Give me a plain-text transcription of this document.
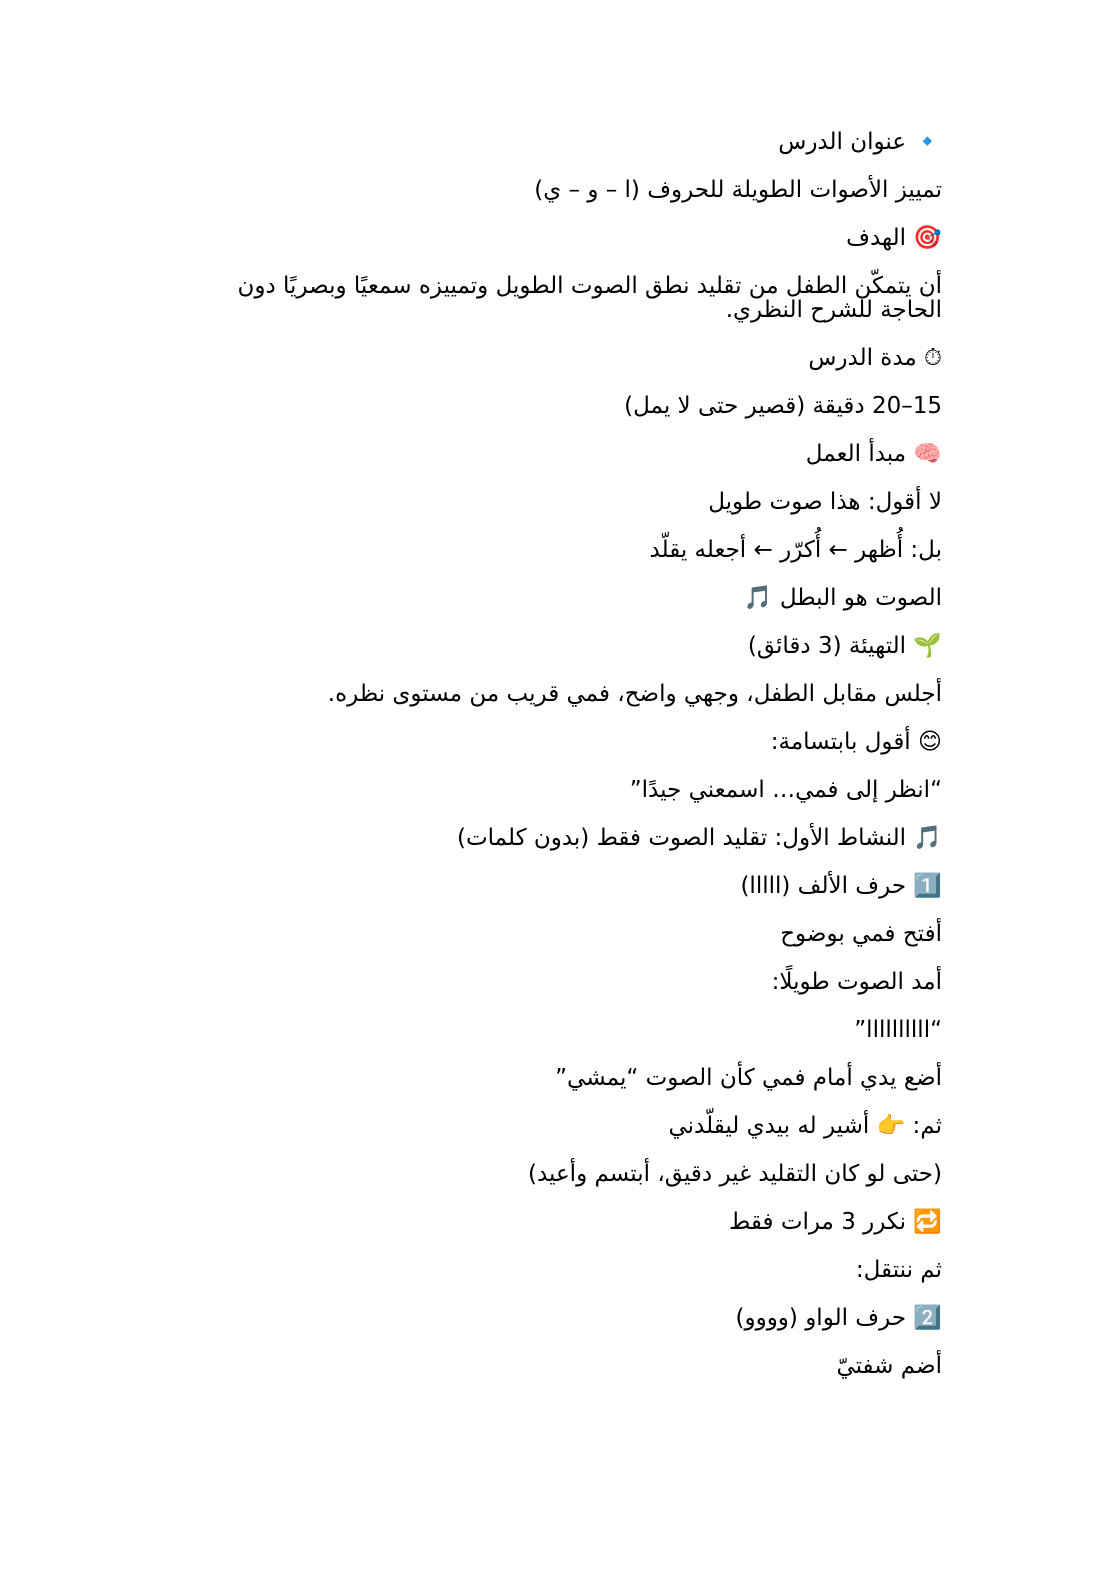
🔹 عنوان الدرس

تمييز الأصوات الطويلة للحروف (ا – و – ي)

🎯 الهدف

أن يتمكّن الطفل من تقليد نطق الصوت الطويل وتمييزه سمعيًا وبصريًا دون الحاجة للشرح النظري.

⏱ مدة الدرس

15–20 دقيقة (قصير حتى لا يمل)

🧠 مبدأ العمل

لا أقول: هذا صوت طويل

بل: أُظهر ← أُكرّر ← أجعله يقلّد

الصوت هو البطل 🎵

🌱 التهيئة (3 دقائق)

أجلس مقابل الطفل، وجهي واضح، فمي قريب من مستوى نظره.

😊 أقول بابتسامة:

“انظر إلى فمي… اسمعني جيدًا”

🎵 النشاط الأول: تقليد الصوت فقط (بدون كلمات)

1️⃣ حرف الألف (ااااا)

أفتح فمي بوضوح

أمد الصوت طويلًا:

“اااااااااا”

أضع يدي أمام فمي كأن الصوت “يمشي”

ثم: 👉 أشير له بيدي ليقلّدني

(حتى لو كان التقليد غير دقيق، أبتسم وأعيد)

🔁 نكرر 3 مرات فقط

ثم ننتقل:

2️⃣ حرف الواو (وووو)

أضم شفتيّ
